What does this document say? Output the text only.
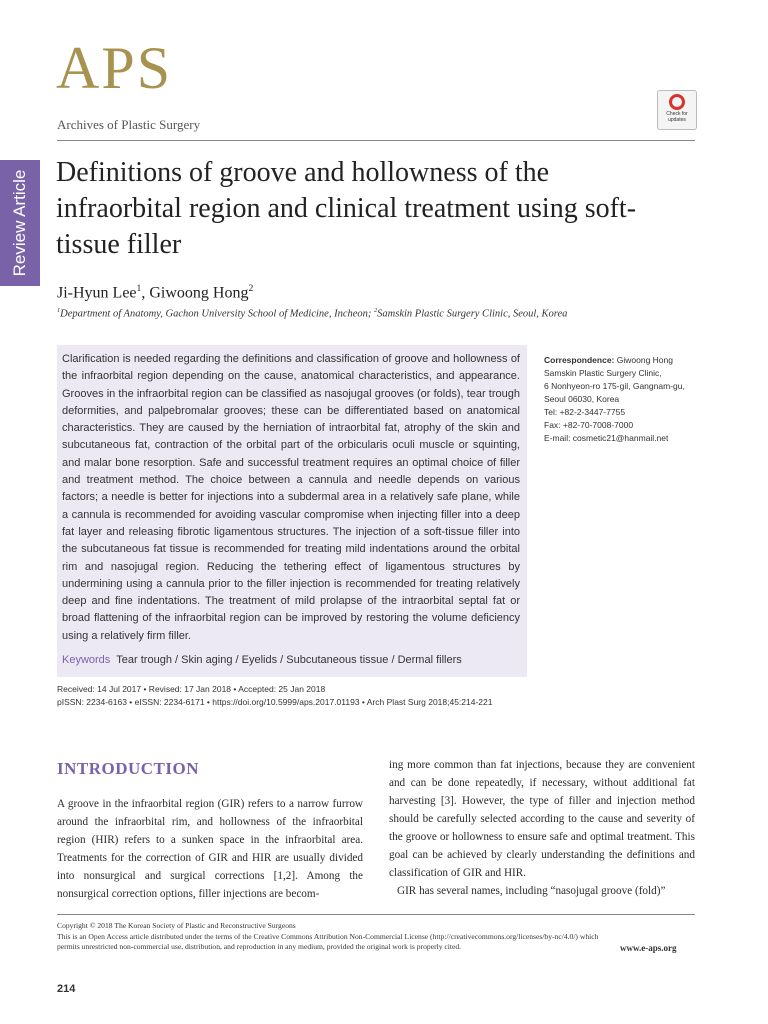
APS
Archives of Plastic Surgery
Check for updates
Review Article Definitions of groove and hollowness of the infraorbital region and clinical treatment using soft-tissue filler
Ji-Hyun Lee$^1$, Giwoong Hong$^2$
$^1$Department of Anatomy, Gachon University School of Medicine, Incheon; $^2$Samskin Plastic Surgery Clinic, Seoul, Korea
Clarification is needed regarding the definitions and classification of groove and hollowness of the infraorbital region depending on the cause, anatomical characteristics, and appearance. Grooves in the infraorbital region can be classified as nasojugal grooves (or folds), tear trough deformities, and palpebromalar grooves; these can be differentiated based on anatomical characteristics. They are caused by the herniation of intraorbital fat, atrophy of the skin and subcutaneous fat, contraction of the orbital part of the orbicularis oculi muscle or squinting, and malar bone resorption. Safe and successful treatment requires an optimal choice of filler and treatment method. The choice between a cannula and needle depends on various factors; a needle is better for injections into a subdermal area in a relatively safe plane, while a cannula is recommended for avoiding vascular compromise when injecting filler into a deep fat layer and releasing fibrotic ligamentous structures. The injection of a soft-tissue filler into the subcutaneous fat tissue is recommended for treating mild indentations around the orbital rim and nasojugal region. Reducing the tethering effect of ligamentous structures by undermining using a cannula prior to the filler injection is recommended for treating relatively deep and fine indentations. The treatment of mild prolapse of the intraorbital septal fat or broad flattening of the infraorbital region can be improved by restoring the volume deficiency using a relatively firm filler.
Keywords Tear trough / Skin aging / Eyelids / Subcutaneous tissue / Dermal fillers
Correspondence: Giwoong Hong
Samskin Plastic Surgery Clinic,
6 Nonhyeon-ro 175-gil, Gangnam-gu,
Seoul 06030, Korea
Tel: +82-2-3447-7755
Fax: +82-70-7008-7000
E-mail: cosmetic21@hanmail.net
Received: 14 Jul 2017 • Revised: 17 Jan 2018 • Accepted: 25 Jan 2018
pISSN: 2234-6163 • eISSN: 2234-6171 • https://doi.org/10.5999/aps.2017.01193 • Arch Plast Surg 2018;45:214-221
INTRODUCTION

A groove in the infraorbital region (GIR) refers to a narrow furrow around the infraorbital rim, and hollowness of the infraorbital region (HIR) refers to a sunken space in the infraorbital area. Treatments for the correction of GIR and HIR are usually divided into nonsurgical and surgical corrections [1,2]. Among the nonsurgical correction options, filler injections are becom-

ing more common than fat injections, because they are convenient and can be done repeatedly, if necessary, without additional fat harvesting [3]. However, the type of filler and injection method should be carefully selected according to the cause and severity of the groove or hollowness to ensure safe and optimal treatment. This goal can be achieved by clearly understanding the definitions and classification of GIR and HIR.

GIR has several names, including “nasojugal groove (fold)”

Copyright © 2018 The Korean Society of Plastic and Reconstructive Surgeons
This is an Open Access article distributed under the terms of the Creative Commons Attribution Non-Commercial License (http://creativecommons.org/licenses/by-nc/4.0/) which permits unrestricted non-commercial use, distribution, and reproduction in any medium, provided the original work is properly cited.	www.e-aps.org
214
